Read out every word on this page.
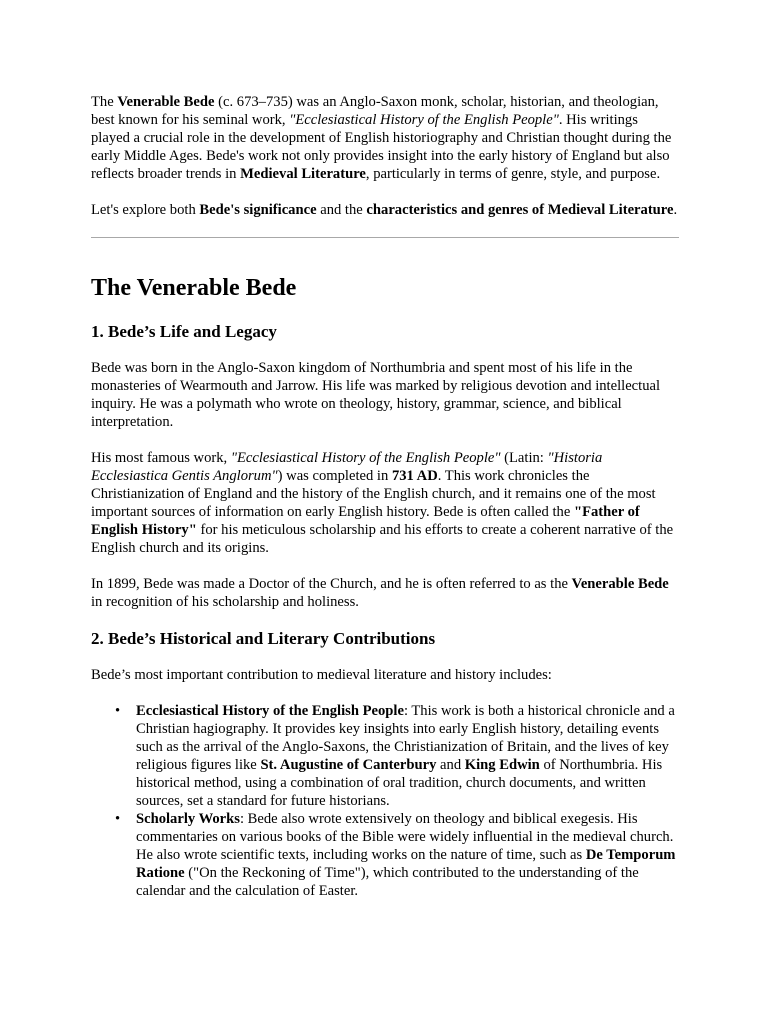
The Venerable Bede (c. 673–735) was an Anglo-Saxon monk, scholar, historian, and theologian, best known for his seminal work, "Ecclesiastical History of the English People". His writings played a crucial role in the development of English historiography and Christian thought during the early Middle Ages. Bede's work not only provides insight into the early history of England but also reflects broader trends in Medieval Literature, particularly in terms of genre, style, and purpose.

Let's explore both Bede's significance and the characteristics and genres of Medieval Literature.

The Venerable Bede
1. Bede’s Life and Legacy

Bede was born in the Anglo-Saxon kingdom of Northumbria and spent most of his life in the monasteries of Wearmouth and Jarrow. His life was marked by religious devotion and intellectual inquiry. He was a polymath who wrote on theology, history, grammar, science, and biblical interpretation.

His most famous work, "Ecclesiastical History of the English People" (Latin: "Historia Ecclesiastica Gentis Anglorum") was completed in 731 AD. This work chronicles the Christianization of England and the history of the English church, and it remains one of the most important sources of information on early English history. Bede is often called the "Father of English History" for his meticulous scholarship and his efforts to create a coherent narrative of the English church and its origins.

In 1899, Bede was made a Doctor of the Church, and he is often referred to as the Venerable Bede in recognition of his scholarship and holiness.

2. Bede’s Historical and Literary Contributions

Bede’s most important contribution to medieval literature and history includes:

• Ecclesiastical History of the English People: This work is both a historical chronicle and a Christian hagiography. It provides key insights into early English history, detailing events such as the arrival of the Anglo-Saxons, the Christianization of Britain, and the lives of key religious figures like St. Augustine of Canterbury and King Edwin of Northumbria. His historical method, using a combination of oral tradition, church documents, and written sources, set a standard for future historians.
• Scholarly Works: Bede also wrote extensively on theology and biblical exegesis. His commentaries on various books of the Bible were widely influential in the medieval church. He also wrote scientific texts, including works on the nature of time, such as De Temporum Ratione ("On the Reckoning of Time"), which contributed to the understanding of the calendar and the calculation of Easter.
